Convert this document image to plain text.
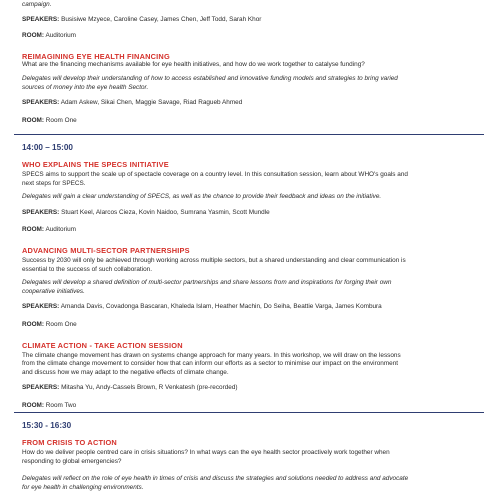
campaign.

SPEAKERS: Busisiwe Mzyece, Caroline Casey, James Chen, Jeff Todd, Sarah Khor

ROOM: Auditorium

REIMAGINING EYE HEALTH FINANCING

What are the financing mechanisms available for eye health initiatives, and how do we work together to catalyse funding?

Delegates will develop their understanding of how to access established and innovative funding models and strategies to bring varied

sources of money into the eye health Sector.

SPEAKERS: Adam Askew, Sikai Chen, Maggie Savage, Riad Ragueb Ahmed

ROOM: Room One

14:00 – 15:00

WHO EXPLAINS THE SPECS INITIATIVE

SPECS aims to support the scale up of spectacle coverage on a country level. In this consultation session, learn about WHO's goals and

next steps for SPECS.

Delegates will gain a clear understanding of SPECS, as well as the chance to provide their feedback and ideas on the initiative.

SPEAKERS: Stuart Keel, Alarcos Cieza, Kovin Naidoo, Sumrana Yasmin, Scott Mundle

ROOM: Auditorium

ADVANCING MULTI-SECTOR PARTNERSHIPS

Success by 2030 will only be achieved through working across multiple sectors, but a shared understanding and clear communication is

essential to the success of such collaboration.

Delegates will develop a shared definition of multi-sector partnerships and share lessons from and inspirations for forging their own

cooperative initiatives.

SPEAKERS: Amanda Davis, Covadonga Bascaran, Khaleda Islam, Heather Machin, Do Seiha, Beattie Varga, James Kombura

ROOM: Room One

CLIMATE ACTION - TAKE ACTION SESSION

The climate change movement has drawn on systems change approach for many years. In this workshop, we will draw on the lessons

from the climate change movement to consider how that can inform our efforts as a sector to minimise our impact on the environment

and discuss how we may adapt to the negative effects of climate change.

SPEAKERS: Mitasha Yu, Andy-Cassels Brown, R Venkatesh (pre-recorded)

ROOM: Room Two

15:30 - 16:30

FROM CRISIS TO ACTION

How do we deliver people centred care in crisis situations? In what ways can the eye health sector proactively work together when

responding to global emergencies?

Delegates will reflect on the role of eye health in times of crisis and discuss the strategies and solutions needed to address and advocate

for eye health in challenging environments.
